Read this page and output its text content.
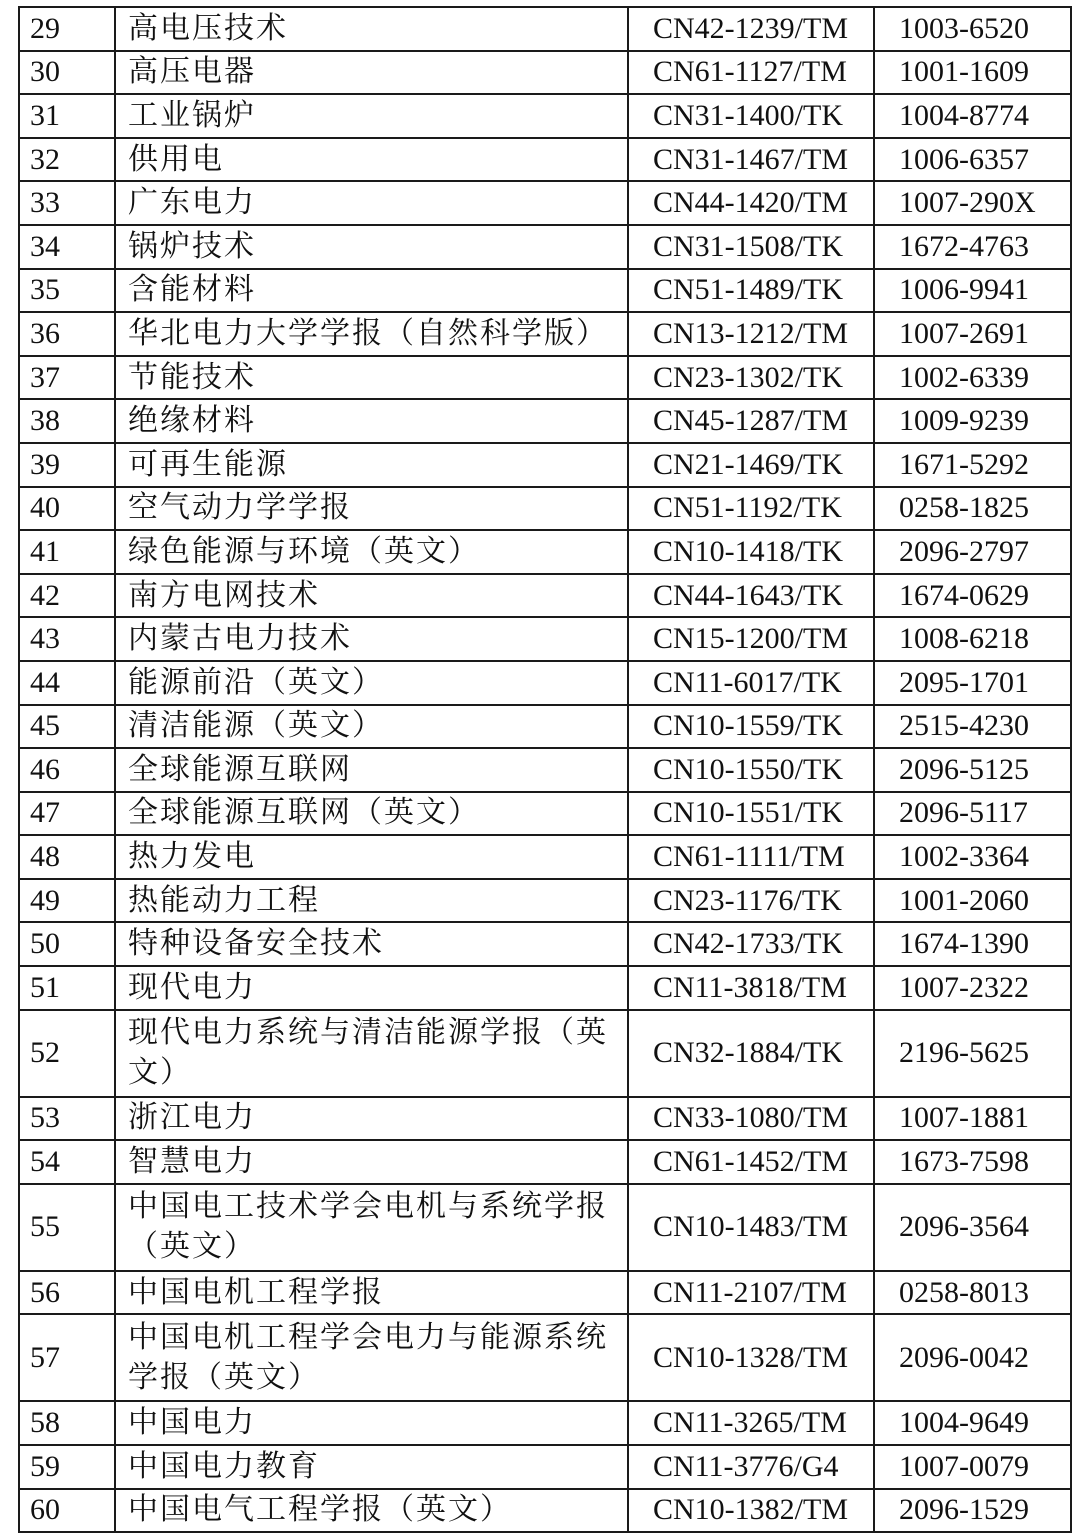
29	高电压技术	CN42-1239/TM	1003-6520
30	高压电器	CN61-1127/TM	1001-1609
31	工业锅炉	CN31-1400/TK	1004-8774
32	供用电	CN31-1467/TM	1006-6357
33	广东电力	CN44-1420/TM	1007-290X
34	锅炉技术	CN31-1508/TK	1672-4763
35	含能材料	CN51-1489/TK	1006-9941
36	华北电力大学学报（自然科学版）	CN13-1212/TM	1007-2691
37	节能技术	CN23-1302/TK	1002-6339
38	绝缘材料	CN45-1287/TM	1009-9239
39	可再生能源	CN21-1469/TK	1671-5292
40	空气动力学学报	CN51-1192/TK	0258-1825
41	绿色能源与环境（英文）	CN10-1418/TK	2096-2797
42	南方电网技术	CN44-1643/TK	1674-0629
43	内蒙古电力技术	CN15-1200/TM	1008-6218
44	能源前沿（英文）	CN11-6017/TK	2095-1701
45	清洁能源（英文）	CN10-1559/TK	2515-4230
46	全球能源互联网	CN10-1550/TK	2096-5125
47	全球能源互联网（英文）	CN10-1551/TK	2096-5117
48	热力发电	CN61-1111/TM	1002-3364
49	热能动力工程	CN23-1176/TK	1001-2060
50	特种设备安全技术	CN42-1733/TK	1674-1390
51	现代电力	CN11-3818/TM	1007-2322
52	现代电力系统与清洁能源学报（英文）	CN32-1884/TK	2196-5625
53	浙江电力	CN33-1080/TM	1007-1881
54	智慧电力	CN61-1452/TM	1673-7598
55	中国电工技术学会电机与系统学报（英文）	CN10-1483/TM	2096-3564
56	中国电机工程学报	CN11-2107/TM	0258-8013
57	中国电机工程学会电力与能源系统学报（英文）	CN10-1328/TM	2096-0042
58	中国电力	CN11-3265/TM	1004-9649
59	中国电力教育	CN11-3776/G4	1007-0079
60	中国电气工程学报（英文）	CN10-1382/TM	2096-1529
